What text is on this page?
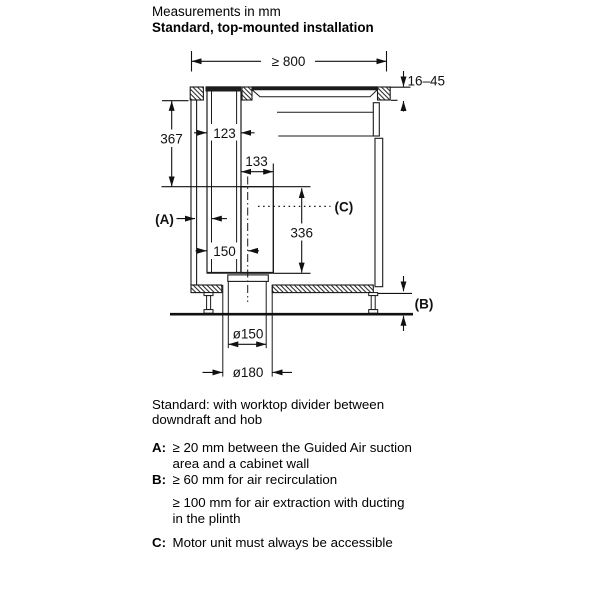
Measurements in mm
Standard, top-mounted installation
≥ 800
16–45
367 123
133
336
150
(A)
(C)
(B)
ø150
ø180
Standard: with worktop divider between
downdraft and hob
A: ≥ 20 mm between the Guided Air suction
area and a cabinet wall
B: ≥ 60 mm for air recirculation
≥ 100 mm for air extraction with ducting
in the plinth
C: Motor unit must always be accessible
